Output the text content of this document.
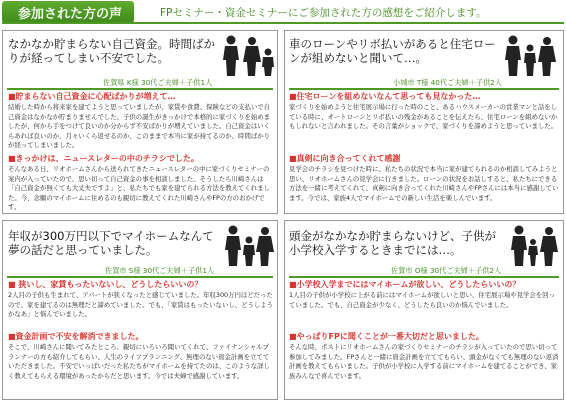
参加された方の声	FPセミナー・資金セミナーにご参加された方の感想をご紹介します。
なかなか貯まらない自己資金。時間ばかりが経ってしまい不安でした。
佐賀県 K様 30代ご夫婦＋子供1人
■貯まらない自己資金に心配ばかりが増えて…
結婚した時から将来家を建てようと思っていましたが、家賃や食費、保険などの支払いで自己資金はなかなか貯まりませんでした。子供の誕生がきっかけで本格的に家づくりを始めましたが、何から手をつけて良いのか分からず不安ばかりが増えていました。自己資金はいくらあれば良いのか、月々いくら返せるのか、このままで本当に家が持てるのか、時間ばかりが経ってしまいました。
■きっかけは、ニュースレターの中のチラシでした。
そんなある日、リオホームさんから送られてきたニュースレターの中に家づくりセミナーの案内が入っていたので、思い切って自己資金の事を相談しました。そうしたら川崎さんは「自己資金が無くても大丈夫ですよ」と、私たちでも家を建てられる方法を教えてくれました。今、念願のマイホームに住めるのも親切に教えてくれた川崎さんやFPの方のおかげです。
車のローンやリボ払いがあると住宅ローンが組めないと聞いて…。
小城市 T様 40代ご夫婦＋子供2人
■住宅ローンを組めないなんて思っても見なかった…
家づくりを始めようと住宅展示場に行った時のこと、あるハウスメーカーの営業マンと話をしている時に、オートローンとリボ払いの残金があることを伝えたら、住宅ローンを組めないかもしれないと言われました。その言葉がショックで、家づくりを諦めようと思っていました。
■真剣に向き合ってくれて感謝
見学会のチラシを見つけた時に、私たちの状況で本当に家が建てられるのか相談してみようと思い、リオホームさんの見学会に行きました。ローンの状況をお話しすると、私たちにできる方法を一緒に考えてくれて、真剣に向き合ってくれた川崎さんやFPさんには本当に感謝しています。今では、家族4人でマイホームでの新しい生活を楽しんでいます。
年収が300万円以下でマイホームなんて夢の話だと思っていました。
佐賀市 S様 30代ご夫婦＋子供1人
■ 狭いし、家賃もったいないし、どうしたらいいの？
2人目の子供も生まれて、アパートが狭くなったと感じていました。年収300万円ほどだったので、家を建てるのは無理だと諦めていました。でも、「家賃はもったいないし、どうしようかなあ」と悩んでいました。
■資金計画で不安を解消できました。
そこで、川崎さんに聞いてみたところ、親切にいろいろ聞いてくれて、ファイナンシャルプランナーの方も紹介してもらい、人生のライフプランニング、無理のない資金計画を立てていただきました。不安でいっぱいだった私たちがマイホームを持てたのは、このような詳しく教えてもらえる環境があったからだと思います。今では夫婦で感謝しています。
頭金がなかなか貯まらないけど、子供が小学校入学するときまでには…。
佐賀市 O様 30代ご夫婦＋子供2人
■小学校入学までにはマイホームが欲しい、どうしたらいいの？
1人目の子供が小学校に上がる前にはマイホームが欲しいと思い、住宅展示場や見学会を回っていました。でも、自己資金が少なく、どうしたら良いのか悩んでいました。
■やっぱりFPに聞くことが一番大切だと思いました。
そんな時、ポストにリオホームさんの家づくりセミナーのチラシが入っていたので思い切って参加してみました。FPさんと一緒に資金計画を立ててもらい、頭金がなくても無理のない返済計画を教えてもらいました。子供が小学校に入学する前にマイホームを建てることができ、家族みんなで喜んでいます。
